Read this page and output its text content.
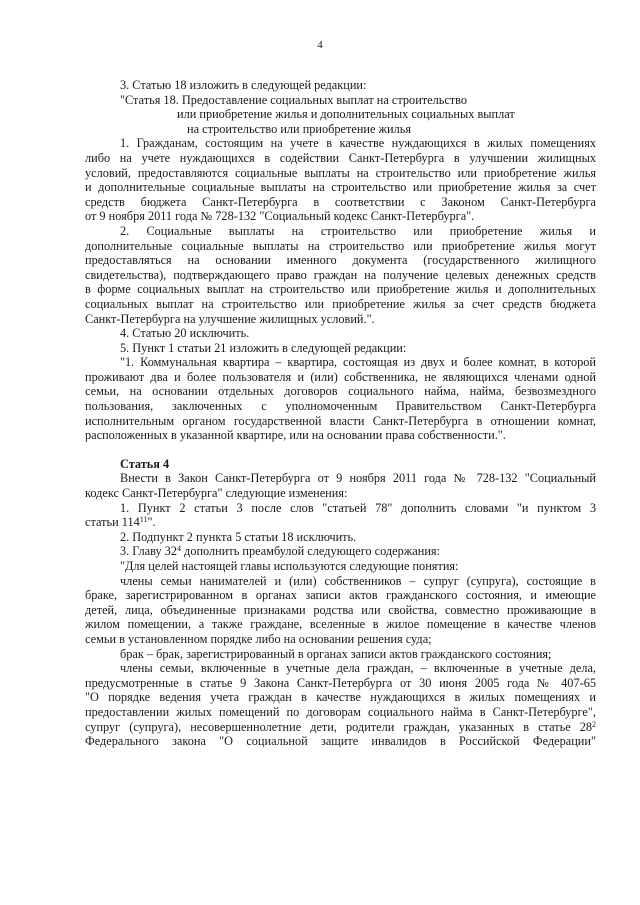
4
3. Статью 18 изложить в следующей редакции:
"Статья 18. Предоставление социальных выплат на строительство
или приобретение жилья и дополнительных социальных выплат
на строительство или приобретение жилья
1. Гражданам, состоящим на учете в качестве нуждающихся в жилых помещениях
либо на учете нуждающихся в содействии Санкт-Петербурга в улучшении жилищных
условий, предоставляются социальные выплаты на строительство или приобретение жилья
и дополнительные социальные выплаты на строительство или приобретение жилья за счет
средств бюджета Санкт-Петербурга в соответствии с Законом Санкт-Петербурга
от 9 ноября 2011 года № 728-132 "Социальный кодекс Санкт-Петербурга".
2. Социальные выплаты на строительство или приобретение жилья и
дополнительные социальные выплаты на строительство или приобретение жилья могут
предоставляться на основании именного документа (государственного жилищного
свидетельства), подтверждающего право граждан на получение целевых денежных средств
в форме социальных выплат на строительство или приобретение жилья и дополнительных
социальных выплат на строительство или приобретение жилья за счет средств бюджета
Санкт-Петербурга на улучшение жилищных условий.".
4. Статью 20 исключить.
5. Пункт 1 статьи 21 изложить в следующей редакции:
"1. Коммунальная квартира – квартира, состоящая из двух и более комнат, в которой
проживают два и более пользователя и (или) собственника, не являющихся членами одной
семьи, на основании отдельных договоров социального найма, найма, безвозмездного
пользования, заключенных с уполномоченным Правительством Санкт-Петербурга
исполнительным органом государственной власти Санкт-Петербурга в отношении комнат,
расположенных в указанной квартире, или на основании права собственности.".
Статья 4
Внести в Закон Санкт-Петербурга от 9 ноября 2011 года № 728-132 "Социальный
кодекс Санкт-Петербурга" следующие изменения:
1. Пункт 2 статьи 3 после слов "статьей 78" дополнить словами "и пунктом 3
статьи $114^{11}$".
2. Подпункт 2 пункта 5 статьи 18 исключить.
3. Главу $32^4$ дополнить преамбулой следующего содержания:
"Для целей настоящей главы используются следующие понятия:
члены семьи нанимателей и (или) собственников – супруг (супруга), состоящие в
браке, зарегистрированном в органах записи актов гражданского состояния, и имеющие
детей, лица, объединенные признаками родства или свойства, совместно проживающие в
жилом помещении, а также граждане, вселенные в жилое помещение в качестве членов
семьи в установленном порядке либо на основании решения суда;
брак – брак, зарегистрированный в органах записи актов гражданского состояния;
члены семьи, включенные в учетные дела граждан, – включенные в учетные дела,
предусмотренные в статье 9 Закона Санкт-Петербурга от 30 июня 2005 года № 407-65
"О порядке ведения учета граждан в качестве нуждающихся в жилых помещениях и
предоставлении жилых помещений по договорам социального найма в Санкт-Петербурге",
супруг (супруга), несовершеннолетние дети, родители граждан, указанных в статье $28^2$
Федерального закона "О социальной защите инвалидов в Российской Федерации"
